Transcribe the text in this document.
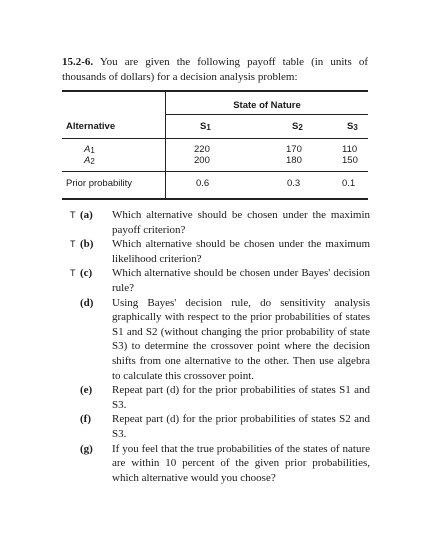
15.2-6. You are given the following payoff table (in units of thousands of dollars) for a decision analysis problem:

State of Nature
Alternative	S1	S2	S3
A1	220	170	110
A2	200	180	150
Prior probability	0.6	0.3	0.1

T (a) Which alternative should be chosen under the maximin payoff criterion?

T (b) Which alternative should be chosen under the maximum likelihood criterion?

T (c) Which alternative should be chosen under Bayes' decision rule?

(d) Using Bayes' decision rule, do sensitivity analysis graphically with respect to the prior probabilities of states S1 and S2 (without changing the prior probability of state S3) to determine the crossover point where the decision shifts from one alternative to the other. Then use algebra to calculate this crossover point.

(e) Repeat part (d) for the prior probabilities of states S1 and S3.

(f) Repeat part (d) for the prior probabilities of states S2 and S3.

(g) If you feel that the true probabilities of the states of nature are within 10 percent of the given prior probabilities, which alternative would you choose?
